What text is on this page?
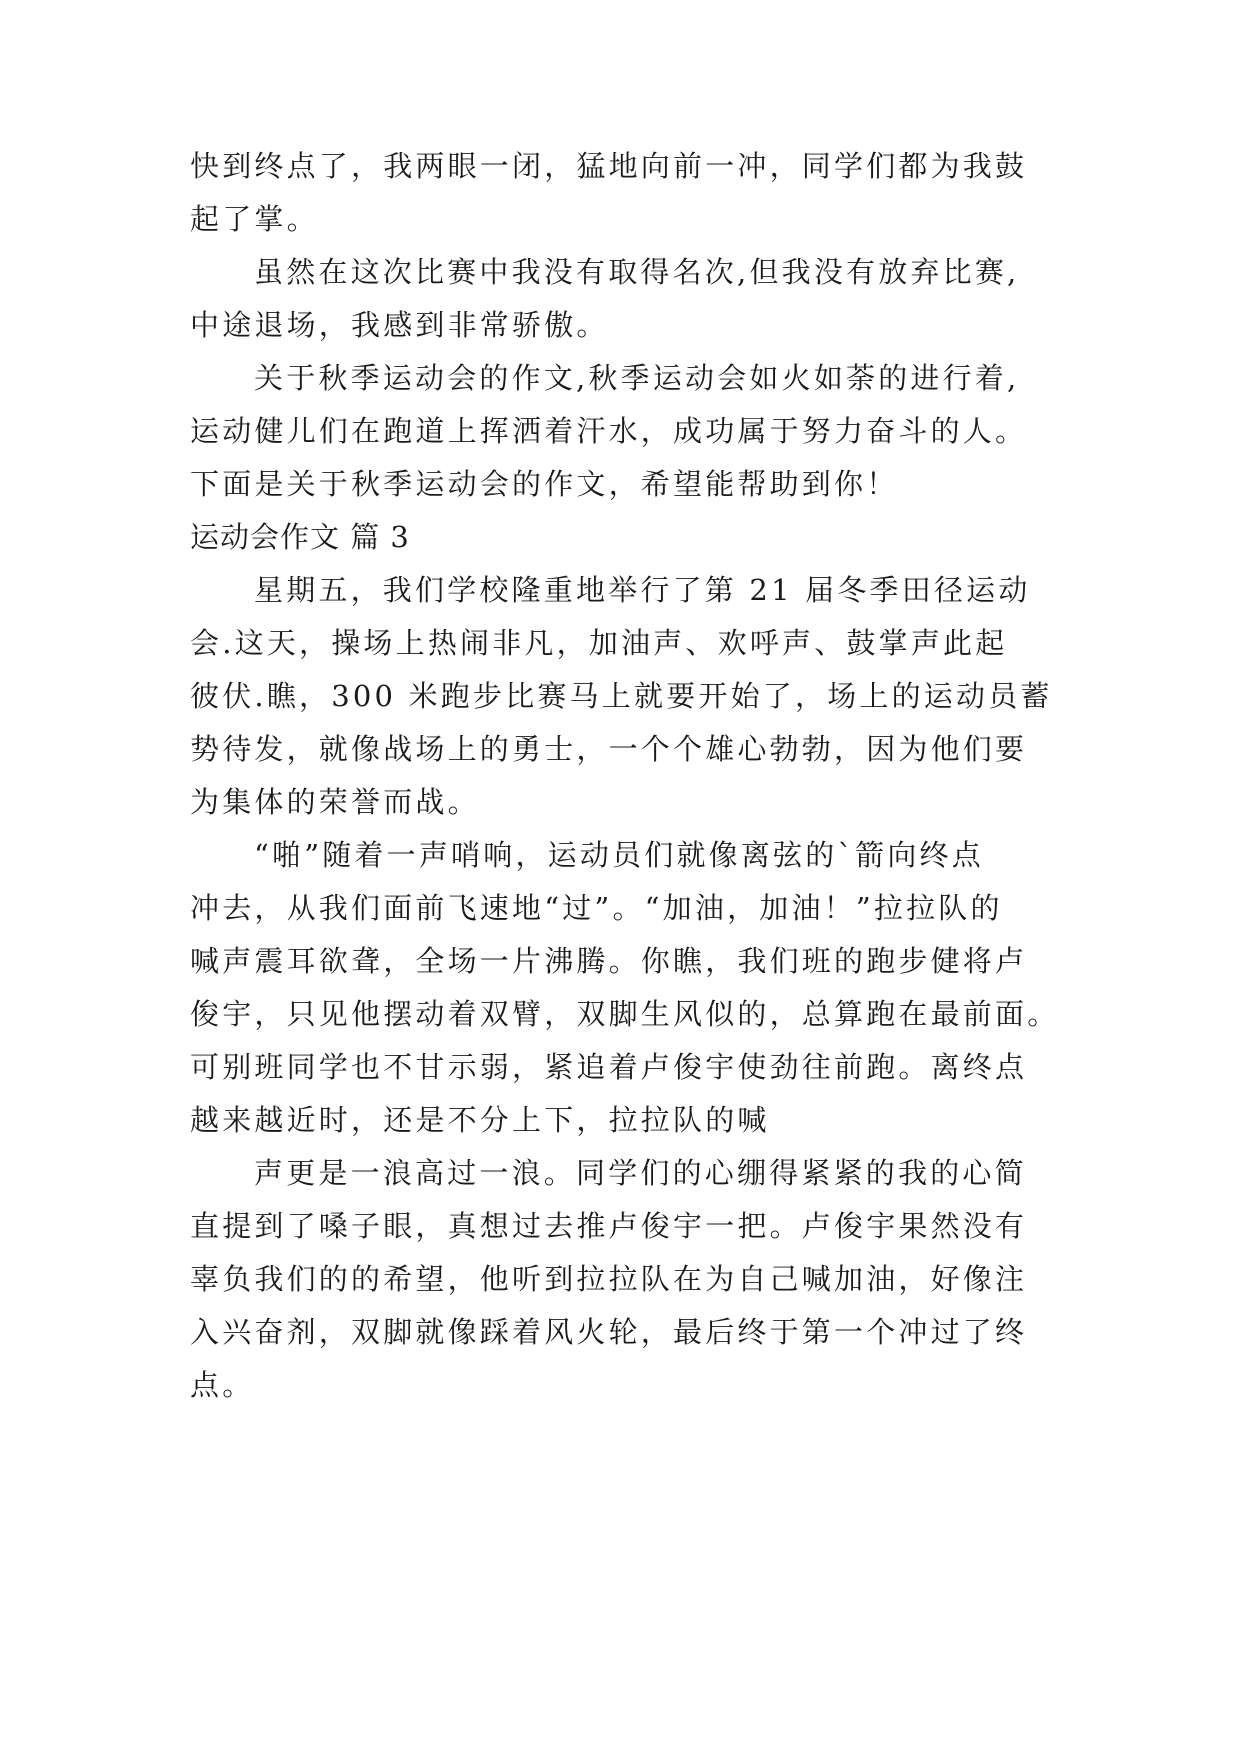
快到终点了，我两眼一闭，猛地向前一冲，同学们都为我鼓
起了掌。
虽然在这次比赛中我没有取得名次,但我没有放弃比赛,
中途退场，我感到非常骄傲。
关于秋季运动会的作文,秋季运动会如火如荼的进行着,
运动健儿们在跑道上挥洒着汗水，成功属于努力奋斗的人。
下面是关于秋季运动会的作文，希望能帮助到你！
运动会作文 篇 3
星期五，我们学校隆重地举行了第 21 届冬季田径运动
会.这天，操场上热闹非凡，加油声、欢呼声、鼓掌声此起
彼伏.瞧，300 米跑步比赛马上就要开始了，场上的运动员蓄
势待发，就像战场上的勇士，一个个雄心勃勃，因为他们要
为集体的荣誉而战。
“啪”随着一声哨响，运动员们就像离弦的`箭向终点
冲去，从我们面前飞速地“过”。“加油，加油！”拉拉队的
喊声震耳欲聋，全场一片沸腾。你瞧，我们班的跑步健将卢
俊宇，只见他摆动着双臂，双脚生风似的，总算跑在最前面。
可别班同学也不甘示弱，紧追着卢俊宇使劲往前跑。离终点
越来越近时，还是不分上下，拉拉队的喊
声更是一浪高过一浪。同学们的心绷得紧紧的我的心简
直提到了嗓子眼，真想过去推卢俊宇一把。卢俊宇果然没有
辜负我们的的希望，他听到拉拉队在为自己喊加油，好像注
入兴奋剂，双脚就像踩着风火轮，最后终于第一个冲过了终
点。
